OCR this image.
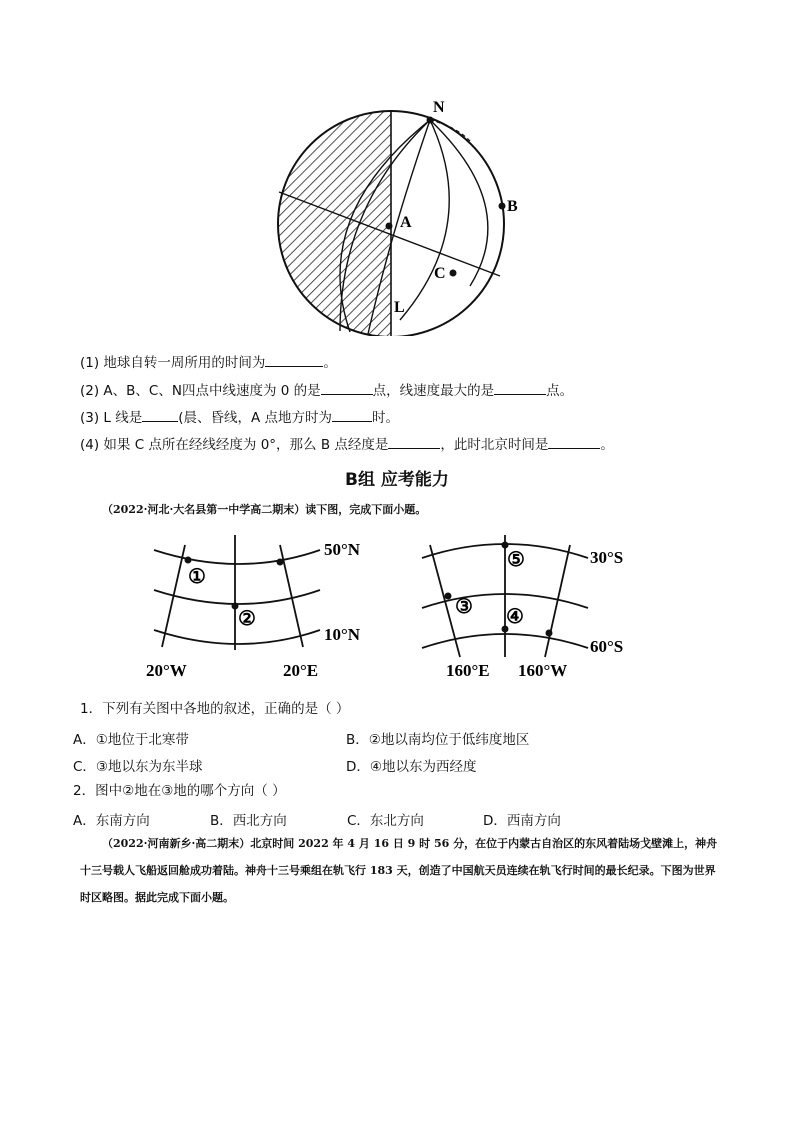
N
A
B
C
L
(1) 地球自转一周所用的时间为	。
(2) A、B、C、N四点中线速度为 0 的是	点，线速度最大的是	点。
(3) L 线是	(晨、昏线，A 点地方时为	时。
(4) 如果 C 点所在经线经度为 0°，那么 B 点经度是	，此时北京时间是	。
B组 应考能力
（2022·河北·大名县第一中学高二期末）读下图，完成下面小题。
①
②
50°N
10°N
20°W	20°E
⑤
③ ④
30°S
60°S
160°E 160°W
1．下列有关图中各地的叙述，正确的是（ ）
A．①地位于北寒带	B．②地以南均位于低纬度地区
C．③地以东为东半球	D．④地以东为西经度
2．图中②地在③地的哪个方向（ ）
A．东南方向	B．西北方向	C．东北方向	D．西南方向
（2022·河南新乡·高二期末）北京时间 2022 年 4 月 16 日 9 时 56 分，在位于内蒙古自治区的东风着陆场戈壁滩上，神舟十三号载人飞船返回舱成功着陆。神舟十三号乘组在轨飞行 183 天，创造了中国航天员连续在轨飞行时间的最长纪录。下图为世界时区略图。据此完成下面小题。
